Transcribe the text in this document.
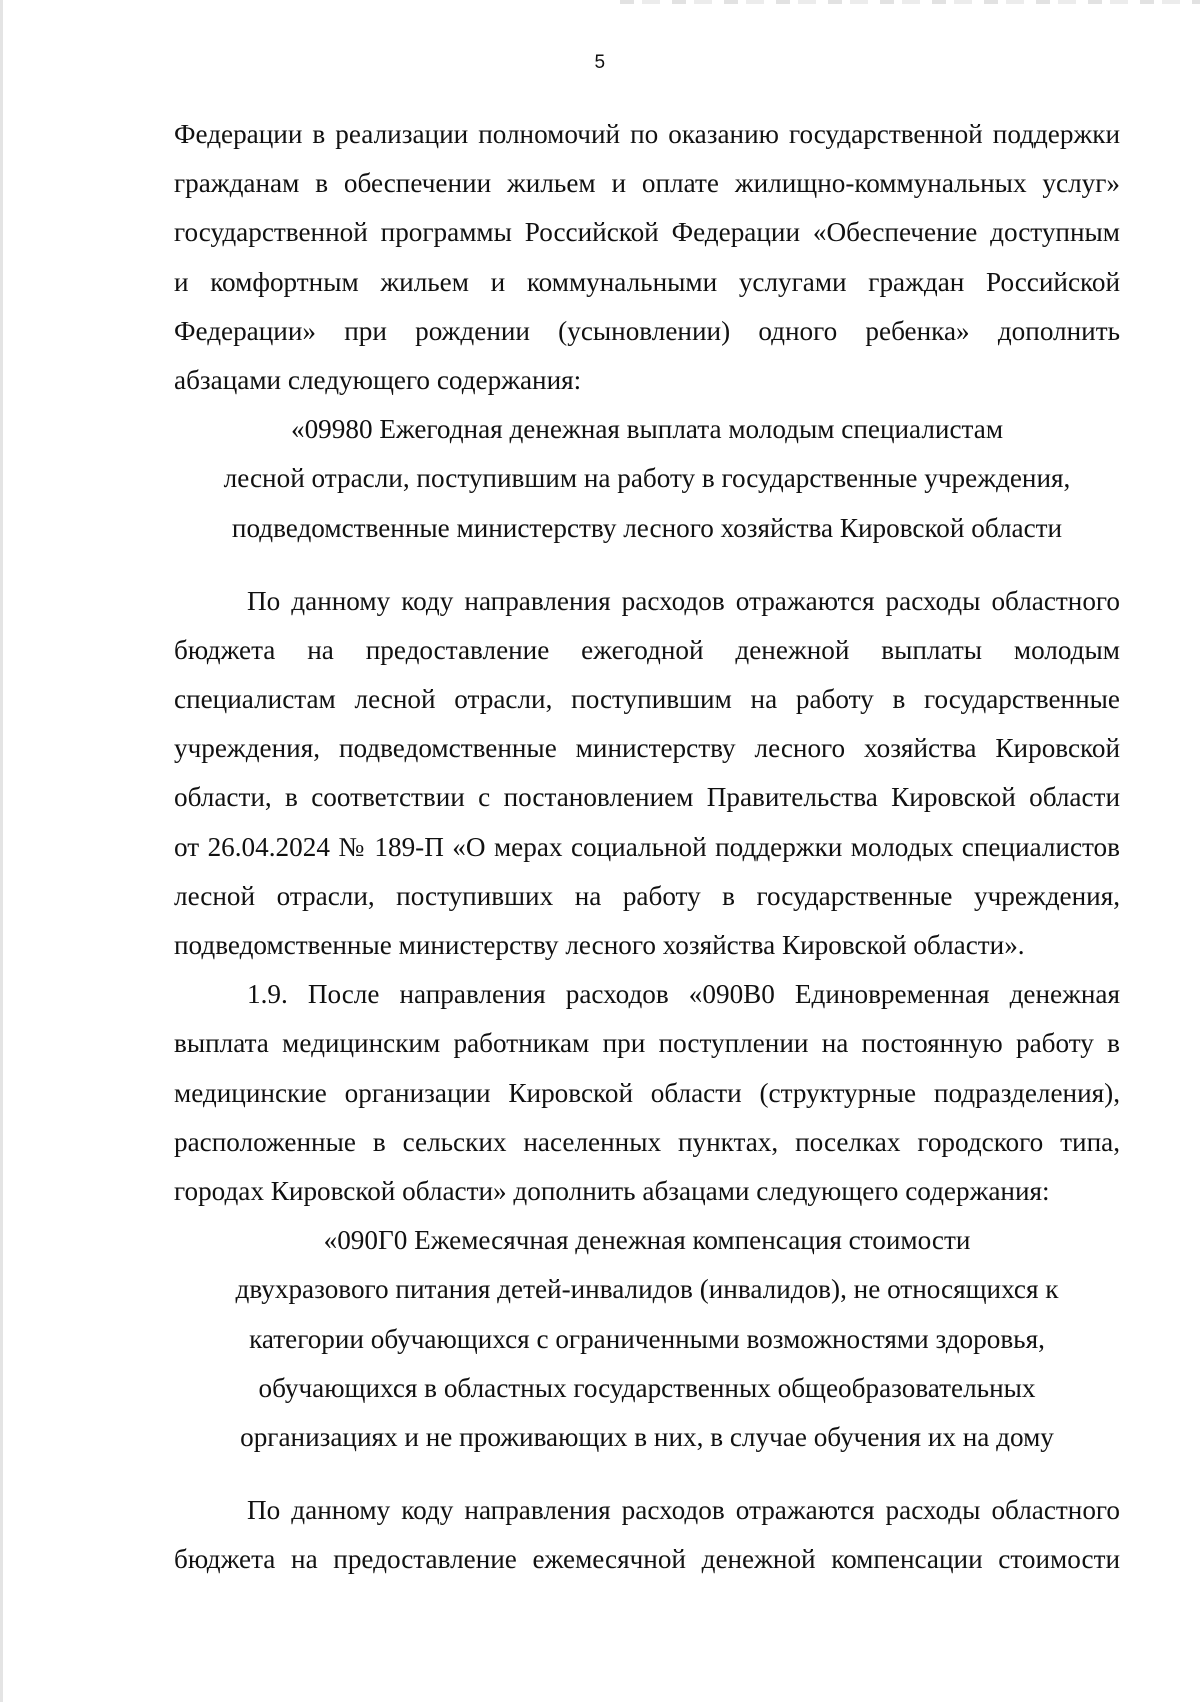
5
Федерации в реализации полномочий по оказанию государственной поддержки
гражданам в обеспечении жильем и оплате жилищно-коммунальных услуг»
государственной программы Российской Федерации «Обеспечение доступным
и комфортным жильем и коммунальными услугами граждан Российской
Федерации» при рождении (усыновлении) одного ребенка» дополнить
абзацами следующего содержания:
«09980 Ежегодная денежная выплата молодым специалистам
лесной отрасли, поступившим на работу в государственные учреждения,
подведомственные министерству лесного хозяйства Кировской области
По данному коду направления расходов отражаются расходы областного
бюджета на предоставление ежегодной денежной выплаты молодым
специалистам лесной отрасли, поступившим на работу в государственные
учреждения, подведомственные министерству лесного хозяйства Кировской
области, в соответствии с постановлением Правительства Кировской области
от 26.04.2024 № 189-П «О мерах социальной поддержки молодых специалистов
лесной отрасли, поступивших на работу в государственные учреждения,
подведомственные министерству лесного хозяйства Кировской области».
1.9. После направления расходов «090В0 Единовременная денежная
выплата медицинским работникам при поступлении на постоянную работу в
медицинские организации Кировской области (структурные подразделения),
расположенные в сельских населенных пунктах, поселках городского типа,
городах Кировской области» дополнить абзацами следующего содержания:
«090Г0 Ежемесячная денежная компенсация стоимости
двухразового питания детей-инвалидов (инвалидов), не относящихся к
категории обучающихся с ограниченными возможностями здоровья,
обучающихся в областных государственных общеобразовательных
организациях и не проживающих в них, в случае обучения их на дому
По данному коду направления расходов отражаются расходы областного
бюджета на предоставление ежемесячной денежной компенсации стоимости
